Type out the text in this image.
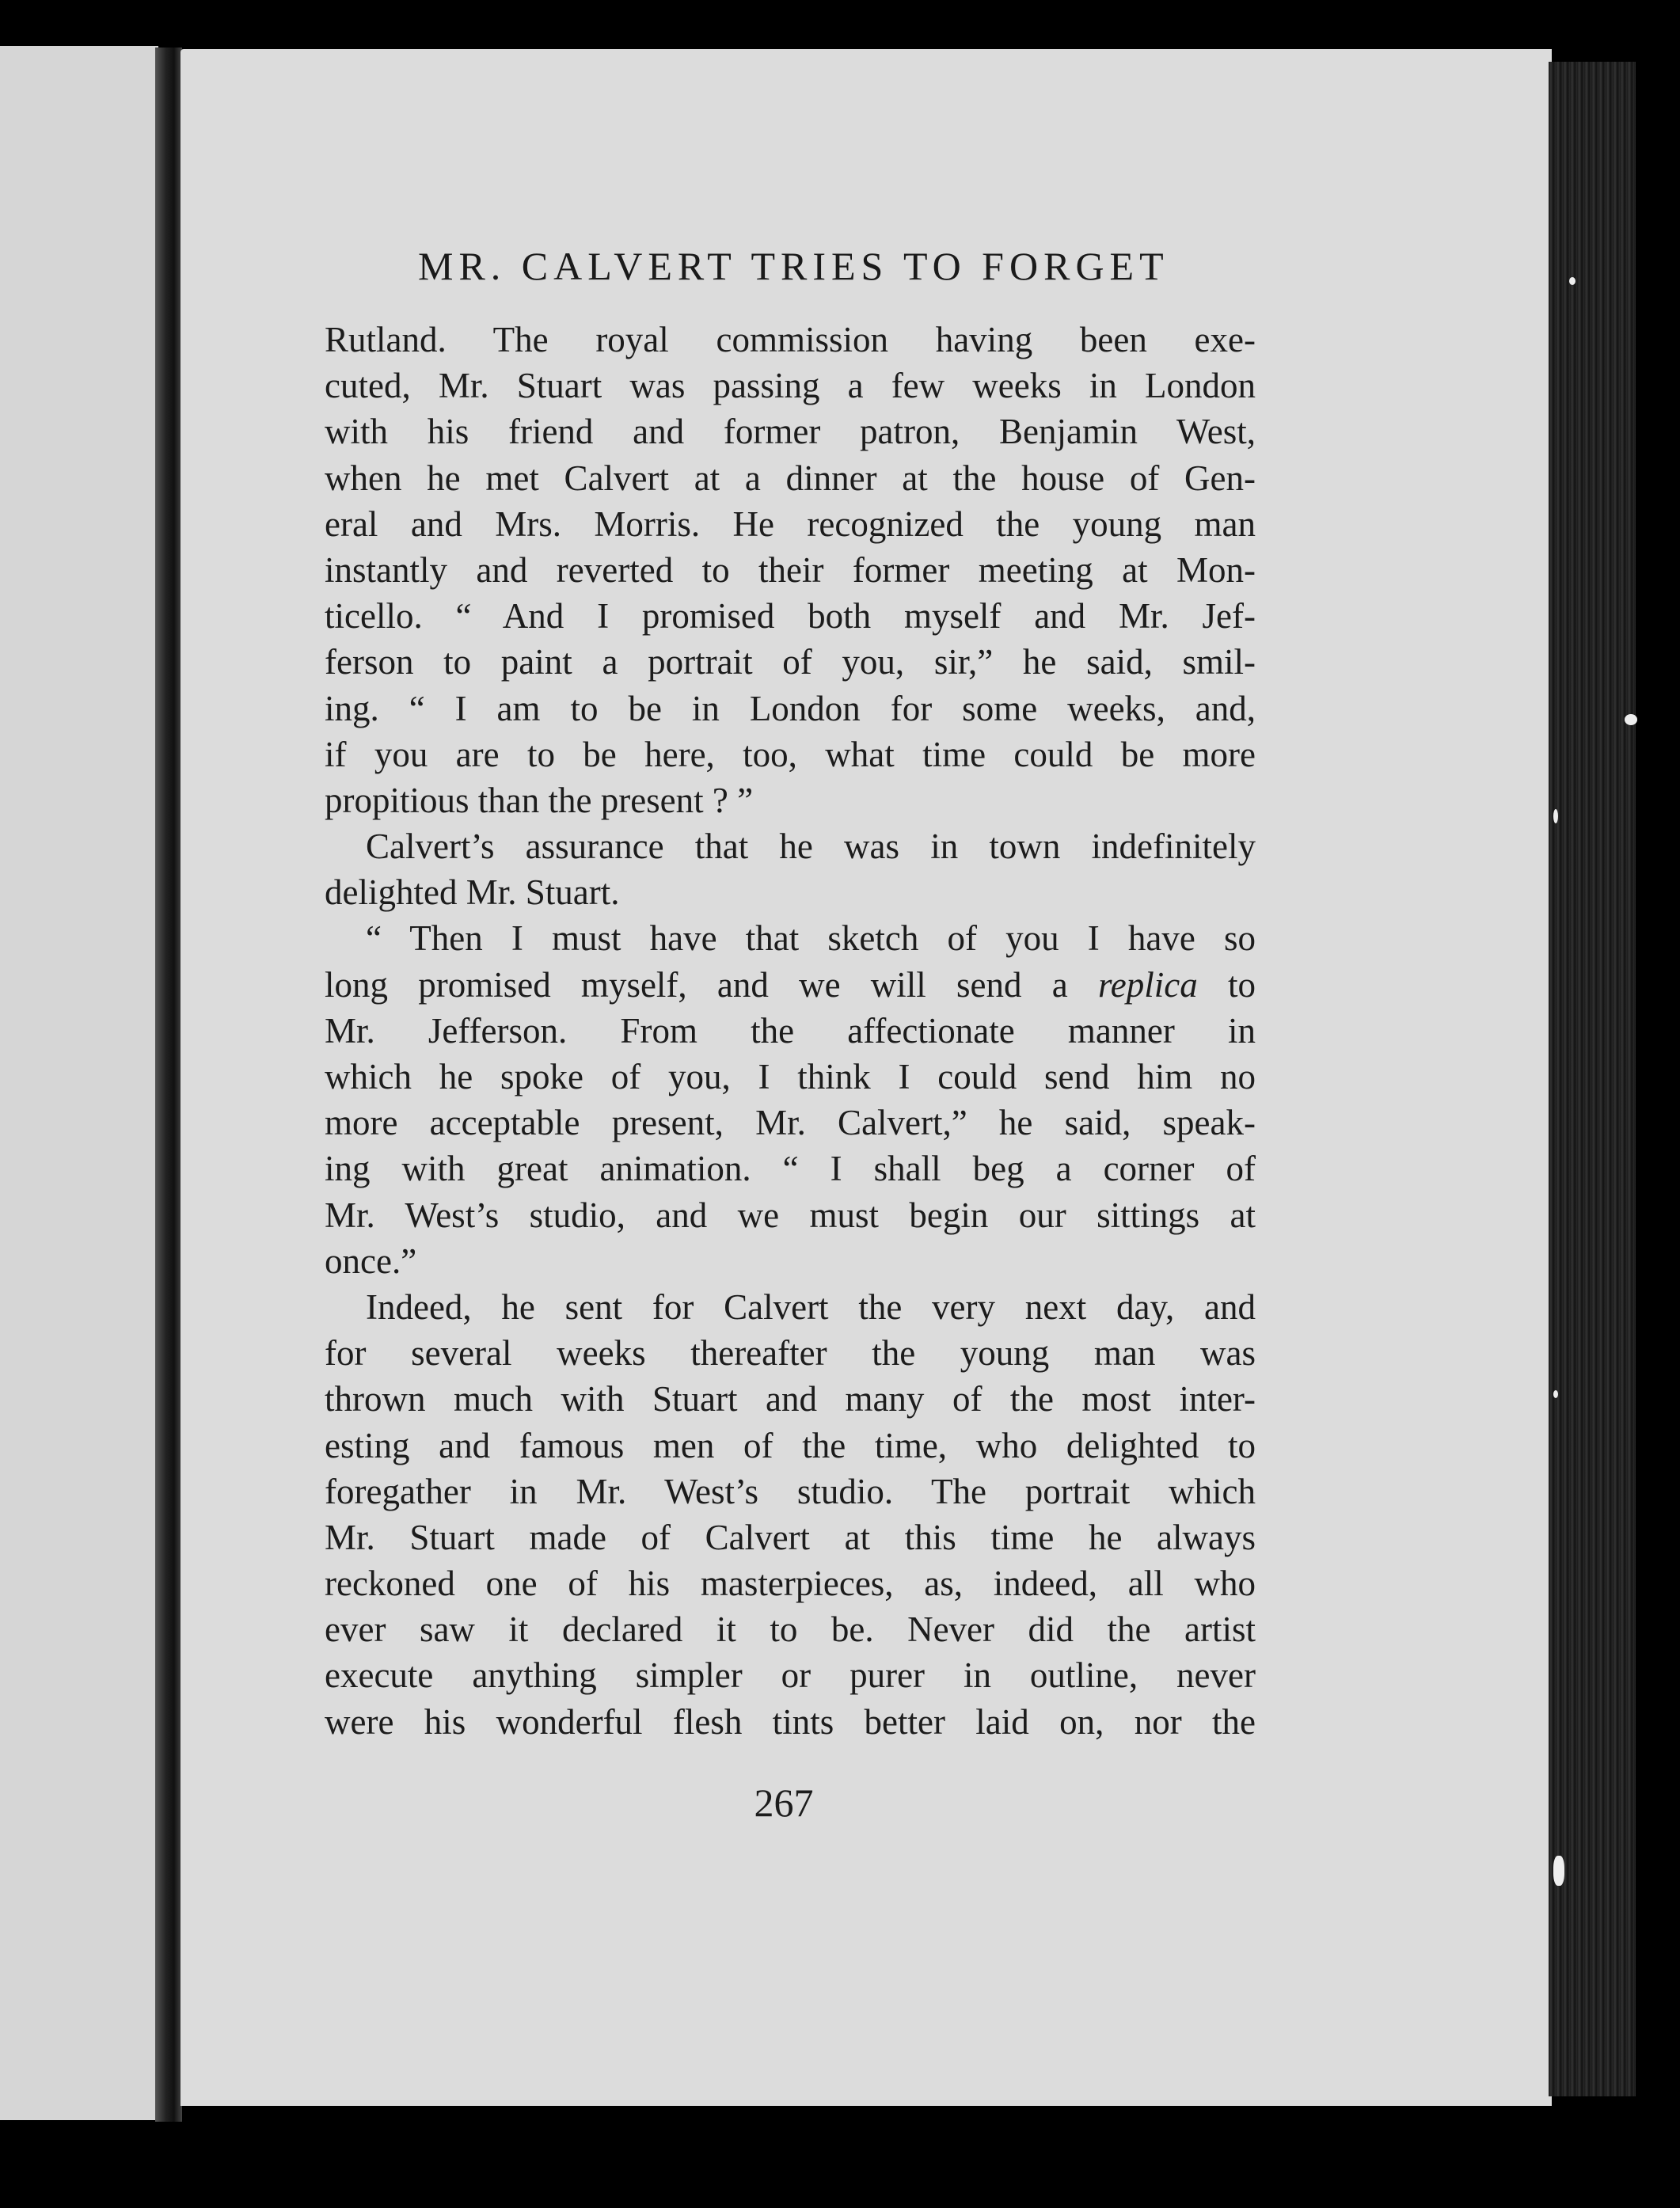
MR. CALVERT TRIES TO FORGET
Rutland. The royal commission having been exe-
cuted, Mr. Stuart was passing a few weeks in London
with his friend and former patron, Benjamin West,
when he met Calvert at a dinner at the house of Gen-
eral and Mrs. Morris. He recognized the young man
instantly and reverted to their former meeting at Mon-
ticello. “ And I promised both myself and Mr. Jef-
ferson to paint a portrait of you, sir,” he said, smil-
ing. “ I am to be in London for some weeks, and,
if you are to be here, too, what time could be more
propitious than the present ? ”
Calvert’s assurance that he was in town indefinitely
delighted Mr. Stuart.
“ Then I must have that sketch of you I have so
long promised myself, and we will send a replica to
Mr. Jefferson. From the affectionate manner in
which he spoke of you, I think I could send him no
more acceptable present, Mr. Calvert,” he said, speak-
ing with great animation. “ I shall beg a corner of
Mr. West’s studio, and we must begin our sittings at
once.”
Indeed, he sent for Calvert the very next day, and
for several weeks thereafter the young man was
thrown much with Stuart and many of the most inter-
esting and famous men of the time, who delighted to
foregather in Mr. West’s studio. The portrait which
Mr. Stuart made of Calvert at this time he always
reckoned one of his masterpieces, as, indeed, all who
ever saw it declared it to be. Never did the artist
execute anything simpler or purer in outline, never
were his wonderful flesh tints better laid on, nor the
267
